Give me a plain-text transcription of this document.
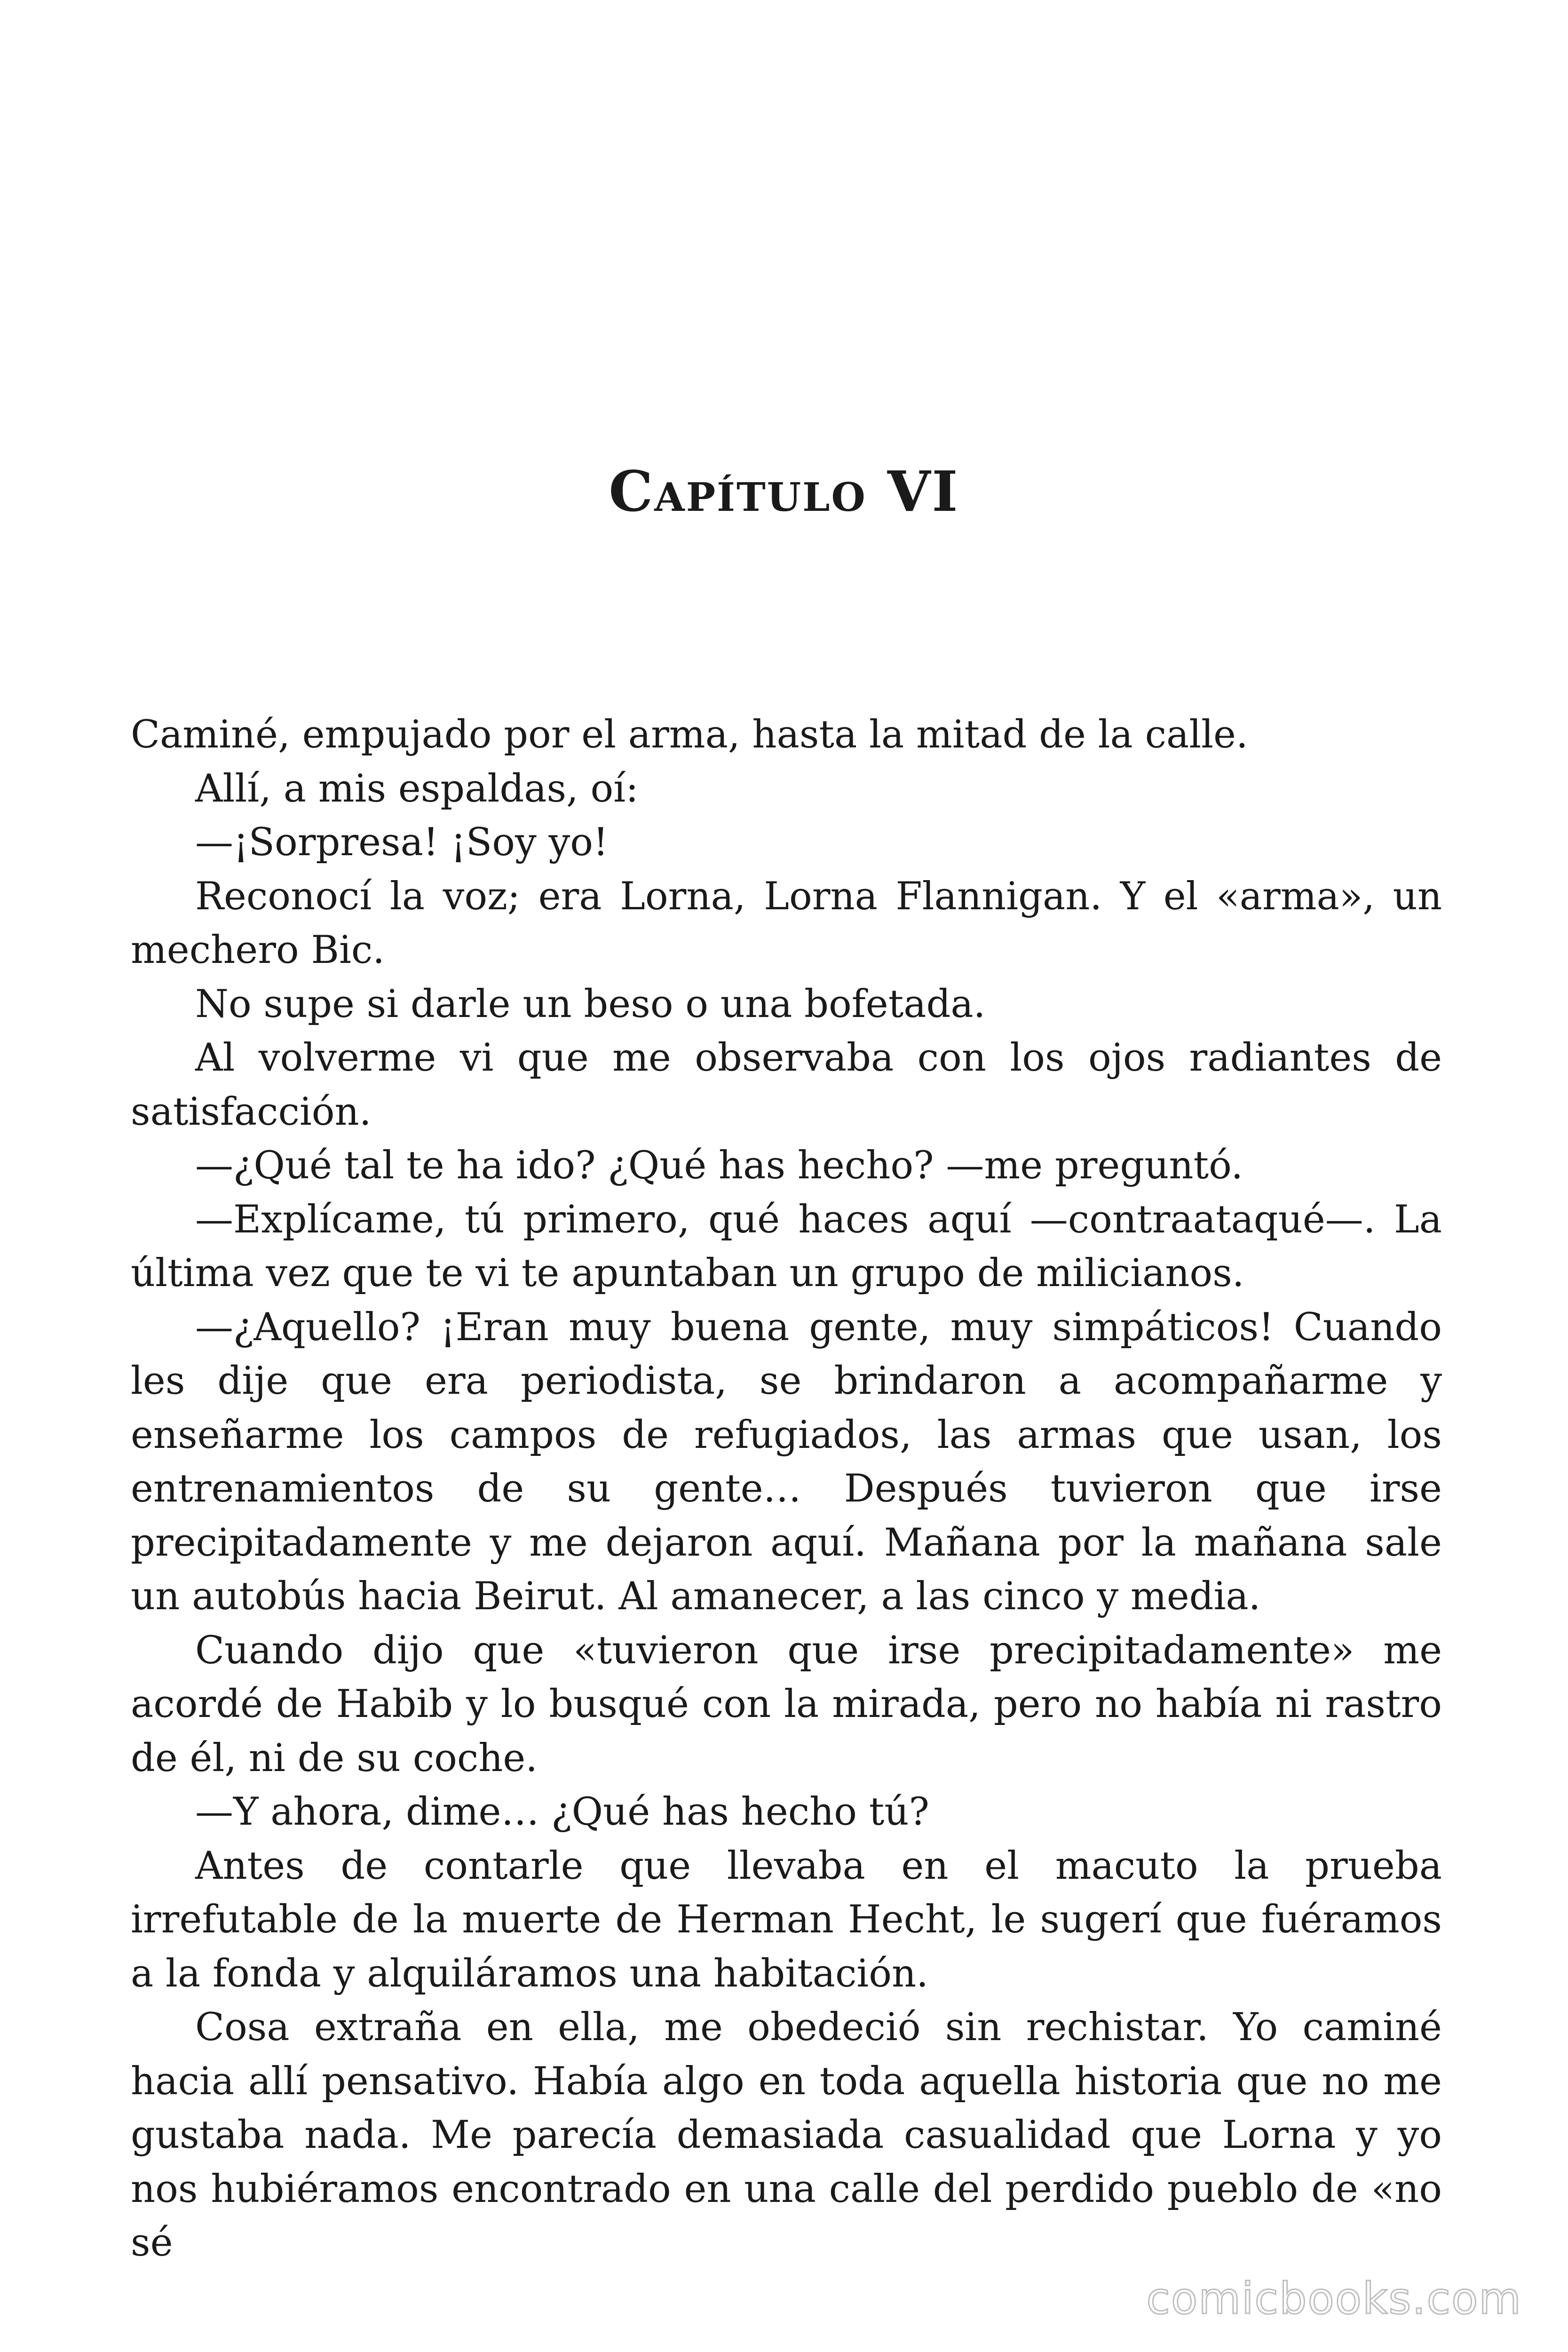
Capítulo VI

Caminé, empujado por el arma, hasta la mitad de la calle.

Allí, a mis espaldas, oí:

—¡Sorpresa! ¡Soy yo!

Reconocí la voz; era Lorna, Lorna Flannigan. Y el «arma», un mechero Bic.

No supe si darle un beso o una bofetada.

Al volverme vi que me observaba con los ojos radiantes de satisfacción.

—¿Qué tal te ha ido? ¿Qué has hecho? —me preguntó.

—Explícame, tú primero, qué haces aquí —contraataqué—. La última vez que te vi te apuntaban un grupo de milicianos.

—¿Aquello? ¡Eran muy buena gente, muy simpáticos! Cuando les dije que era periodista, se brindaron a acompañarme y enseñarme los campos de refugiados, las armas que usan, los entrenamientos de su gente… Después tuvieron que irse precipitadamente y me dejaron aquí. Mañana por la mañana sale un autobús hacia Beirut. Al amanecer, a las cinco y media.

Cuando dijo que «tuvieron que irse precipitadamente» me acordé de Habib y lo busqué con la mirada, pero no había ni rastro de él, ni de su coche.

—Y ahora, dime… ¿Qué has hecho tú?

Antes de contarle que llevaba en el macuto la prueba irrefutable de la muerte de Herman Hecht, le sugerí que fuéramos a la fonda y alquiláramos una habitación.

Cosa extraña en ella, me obedeció sin rechistar. Yo caminé hacia allí pensativo. Había algo en toda aquella historia que no me gustaba nada. Me parecía demasiada casualidad que Lorna y yo nos hubiéramos encontrado en una calle del perdido pueblo de «no sé

comicbooks.com
